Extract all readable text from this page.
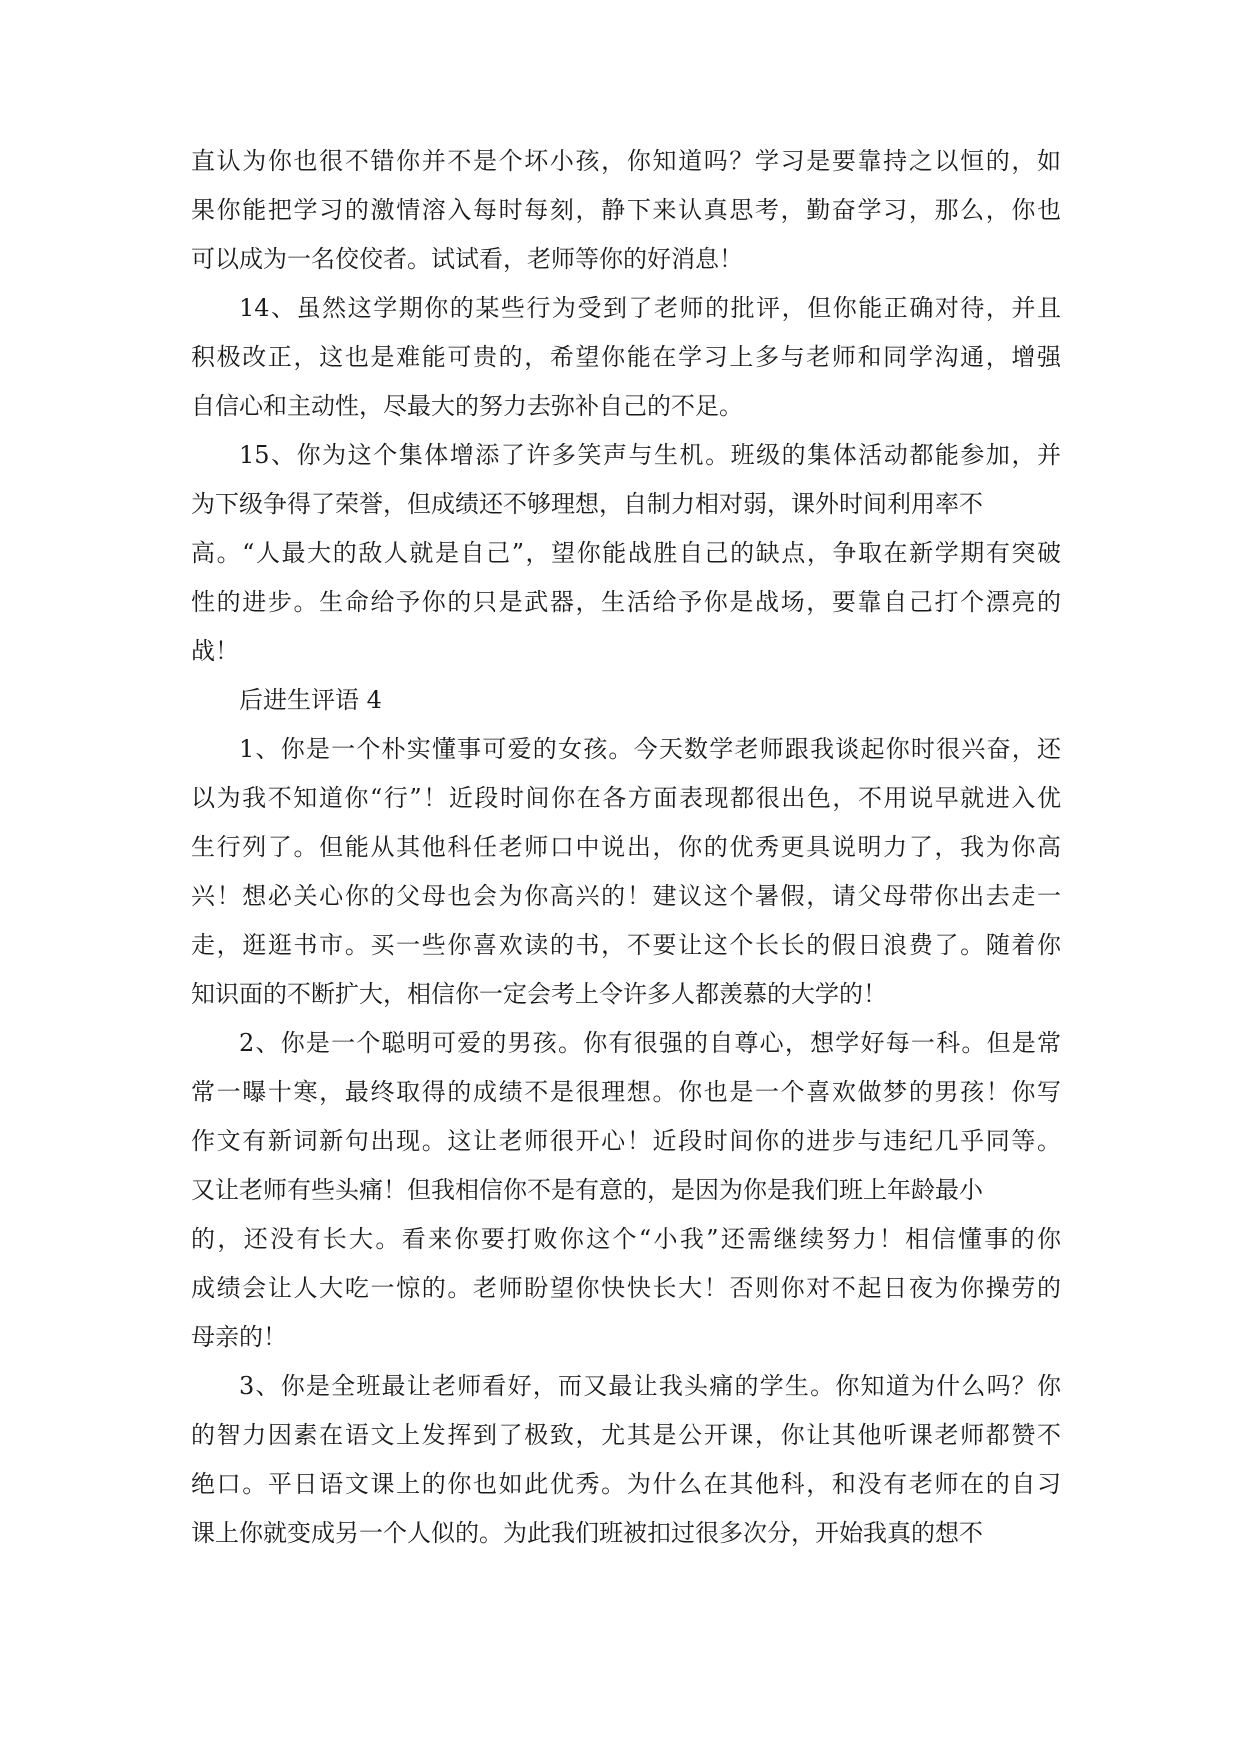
直认为你也很不错你并不是个坏小孩，你知道吗？学习是要靠持之以恒的，如
果你能把学习的激情溶入每时每刻，静下来认真思考，勤奋学习，那么，你也
可以成为一名佼佼者。试试看，老师等你的好消息！
14、虽然这学期你的某些行为受到了老师的批评，但你能正确对待，并且
积极改正，这也是难能可贵的，希望你能在学习上多与老师和同学沟通，增强
自信心和主动性，尽最大的努力去弥补自己的不足。
15、你为这个集体增添了许多笑声与生机。班级的集体活动都能参加，并
为下级争得了荣誉，但成绩还不够理想，自制力相对弱，课外时间利用率不
高。“人最大的敌人就是自己”，望你能战胜自己的缺点，争取在新学期有突破
性的进步。生命给予你的只是武器，生活给予你是战场，要靠自己打个漂亮的
战！
后进生评语 4
1、你是一个朴实懂事可爱的女孩。今天数学老师跟我谈起你时很兴奋，还
以为我不知道你“行”！近段时间你在各方面表现都很出色，不用说早就进入优
生行列了。但能从其他科任老师口中说出，你的优秀更具说明力了，我为你高
兴！想必关心你的父母也会为你高兴的！建议这个暑假，请父母带你出去走一
走，逛逛书市。买一些你喜欢读的书，不要让这个长长的假日浪费了。随着你
知识面的不断扩大，相信你一定会考上令许多人都羡慕的大学的！
2、你是一个聪明可爱的男孩。你有很强的自尊心，想学好每一科。但是常
常一曝十寒，最终取得的成绩不是很理想。你也是一个喜欢做梦的男孩！你写
作文有新词新句出现。这让老师很开心！近段时间你的进步与违纪几乎同等。
又让老师有些头痛！但我相信你不是有意的，是因为你是我们班上年龄最小
的，还没有长大。看来你要打败你这个“小我”还需继续努力！相信懂事的你
成绩会让人大吃一惊的。老师盼望你快快长大！否则你对不起日夜为你操劳的
母亲的！
3、你是全班最让老师看好，而又最让我头痛的学生。你知道为什么吗？你
的智力因素在语文上发挥到了极致，尤其是公开课，你让其他听课老师都赞不
绝口。平日语文课上的你也如此优秀。为什么在其他科，和没有老师在的自习
课上你就变成另一个人似的。为此我们班被扣过很多次分，开始我真的想不
